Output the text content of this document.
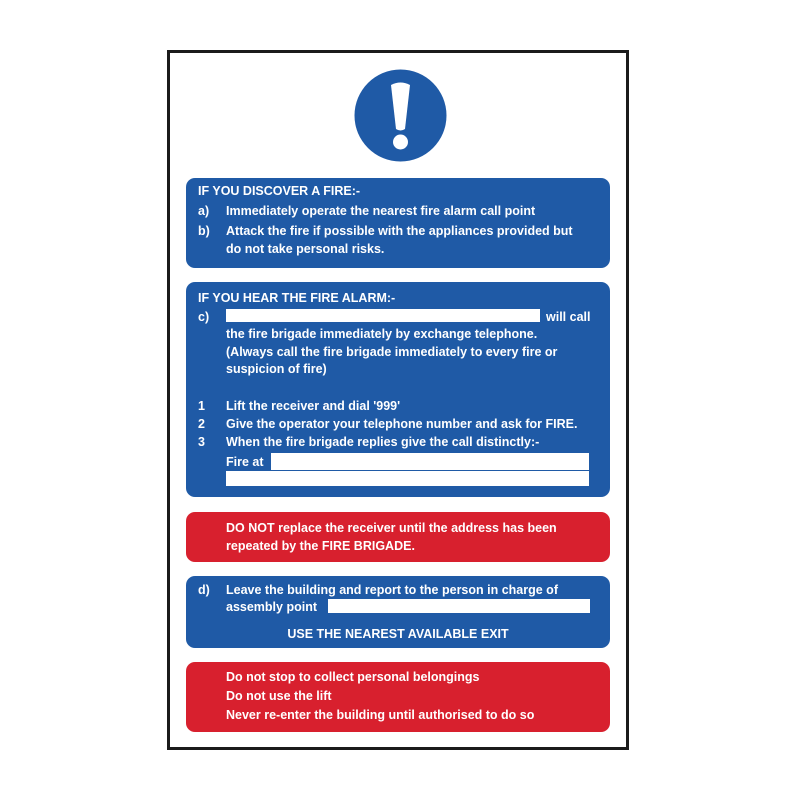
IF YOU DISCOVER A FIRE:-
a) Immediately operate the nearest fire alarm call point
b) Attack the fire if possible with the appliances provided but
do not take personal risks.
IF YOU HEAR THE FIRE ALARM:-
c)	will call
the fire brigade immediately by exchange telephone.
(Always call the fire brigade immediately to every fire or
suspicion of fire)
1 Lift the receiver and dial '999'
2 Give the operator your telephone number and ask for FIRE.
3 When the fire brigade replies give the call distinctly:-
Fire at
DO NOT replace the receiver until the address has been
repeated by the FIRE BRIGADE.
d) Leave the building and report to the person in charge of
assembly point
USE THE NEAREST AVAILABLE EXIT
Do not stop to collect personal belongings
Do not use the lift
Never re-enter the building until authorised to do so
